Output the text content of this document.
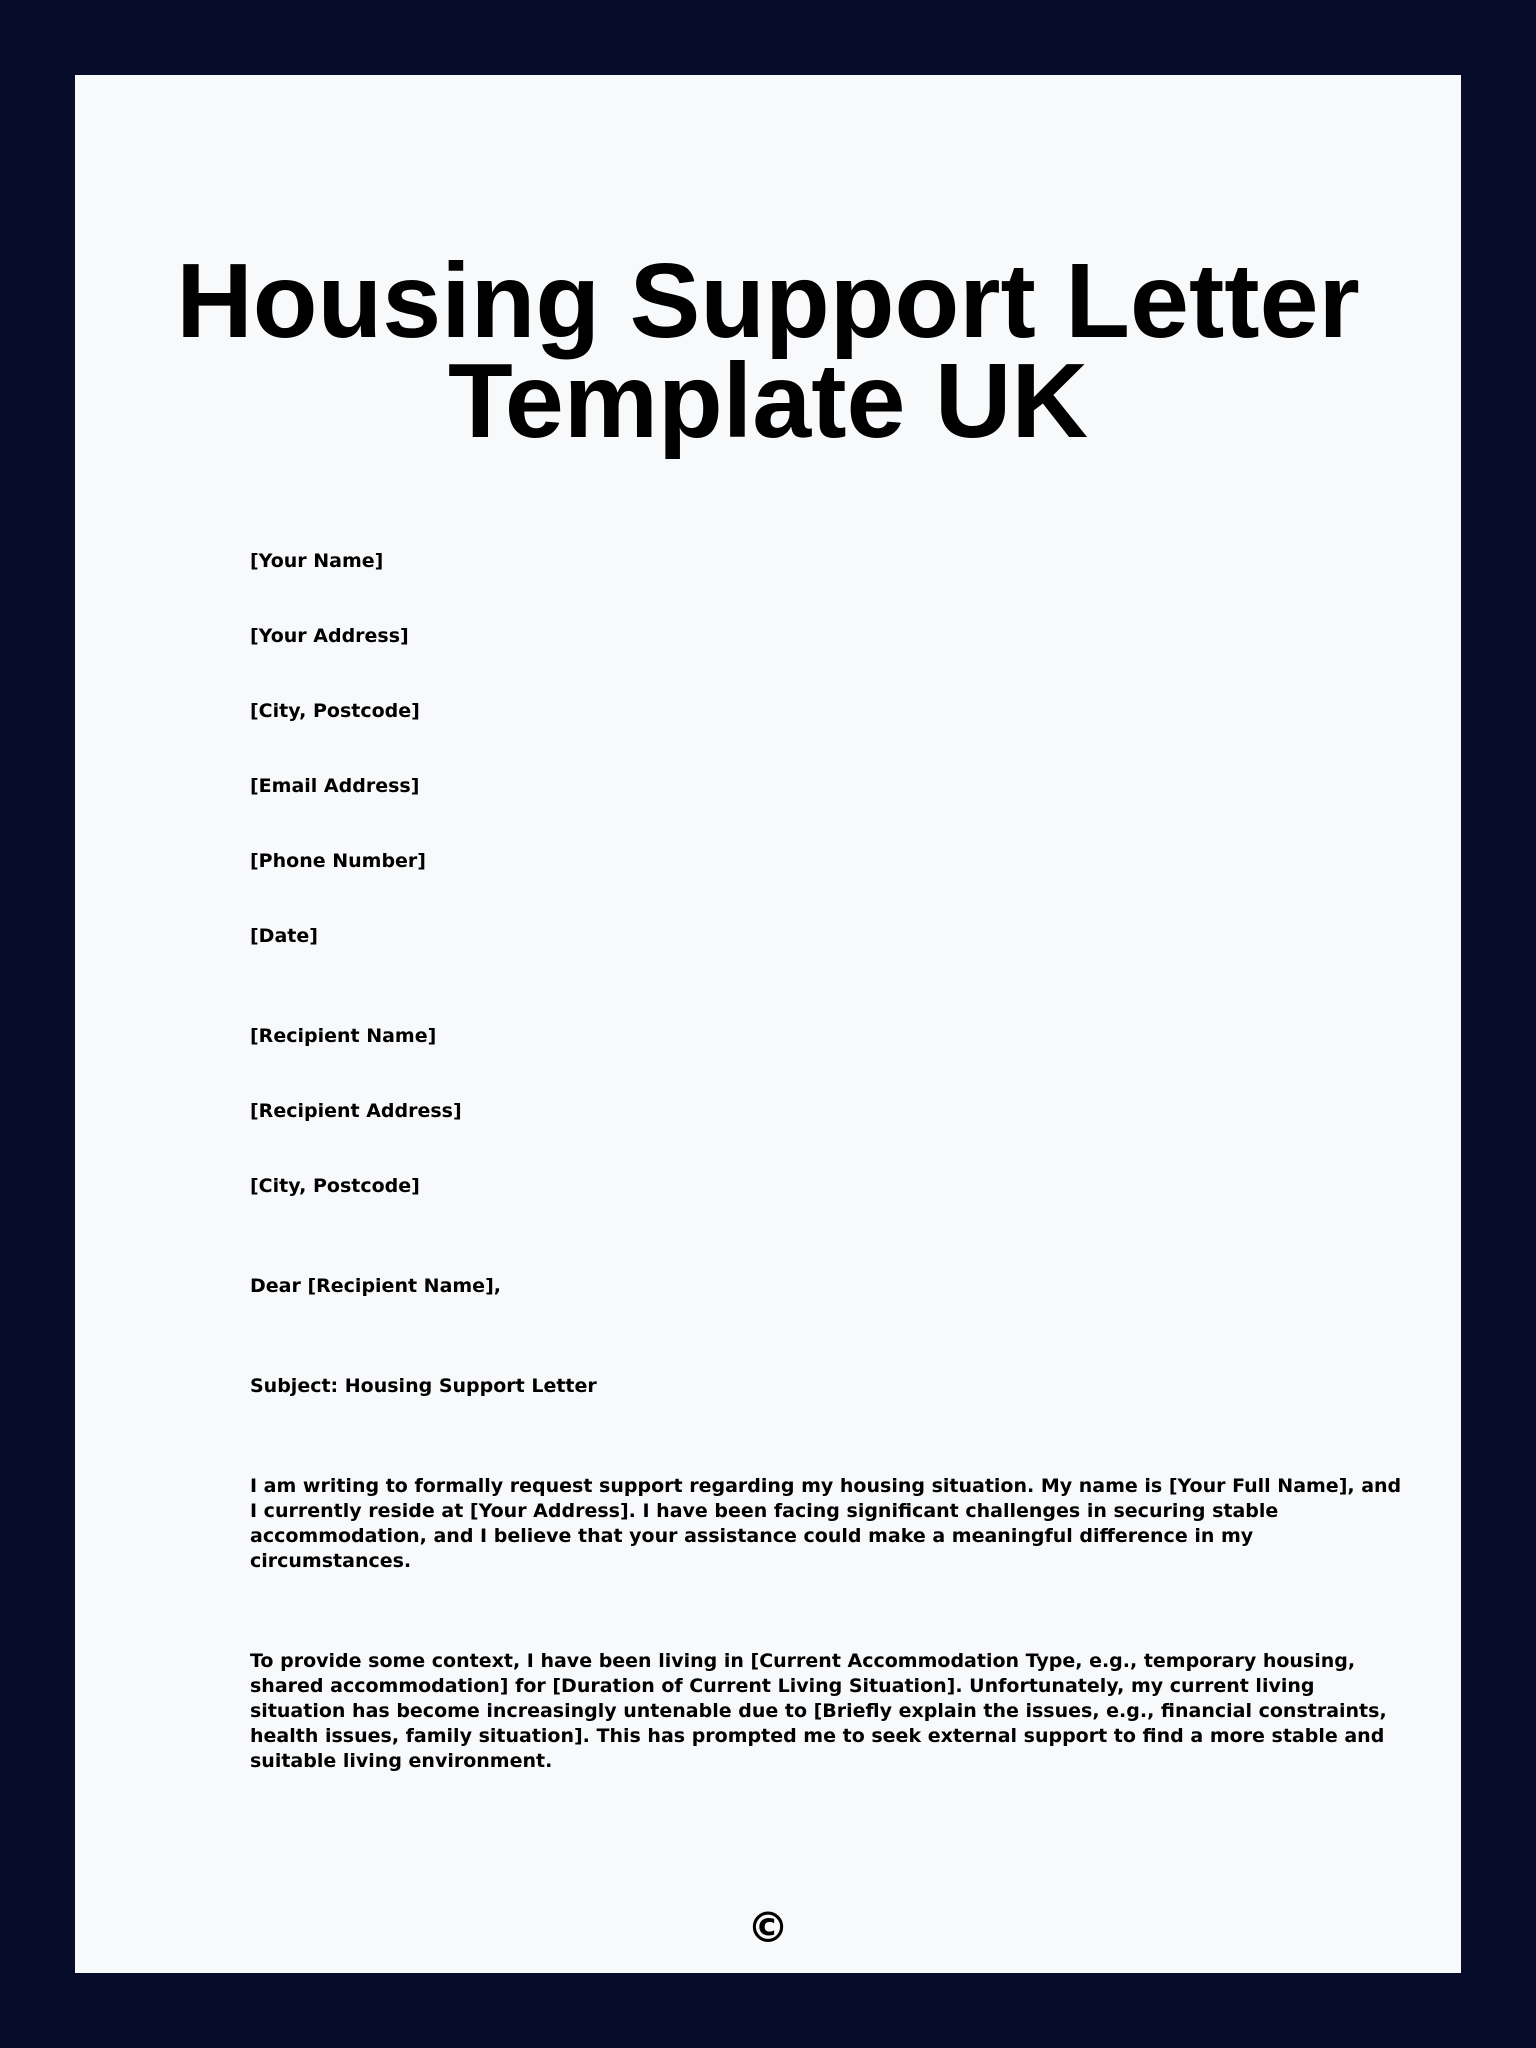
Housing Support Letter
Template UK
[Your Name]
[Your Address]
[City, Postcode]
[Email Address]
[Phone Number]
[Date]
[Recipient Name]
[Recipient Address]
[City, Postcode]
Dear [Recipient Name],
Subject: Housing Support Letter
I am writing to formally request support regarding my housing situation. My name is [Your Full Name], and
I currently reside at [Your Address]. I have been facing significant challenges in securing stable
accommodation, and I believe that your assistance could make a meaningful difference in my
circumstances.
To provide some context, I have been living in [Current Accommodation Type, e.g., temporary housing,
shared accommodation] for [Duration of Current Living Situation]. Unfortunately, my current living
situation has become increasingly untenable due to [Briefly explain the issues, e.g., financial constraints,
health issues, family situation]. This has prompted me to seek external support to find a more stable and
suitable living environment.
©
